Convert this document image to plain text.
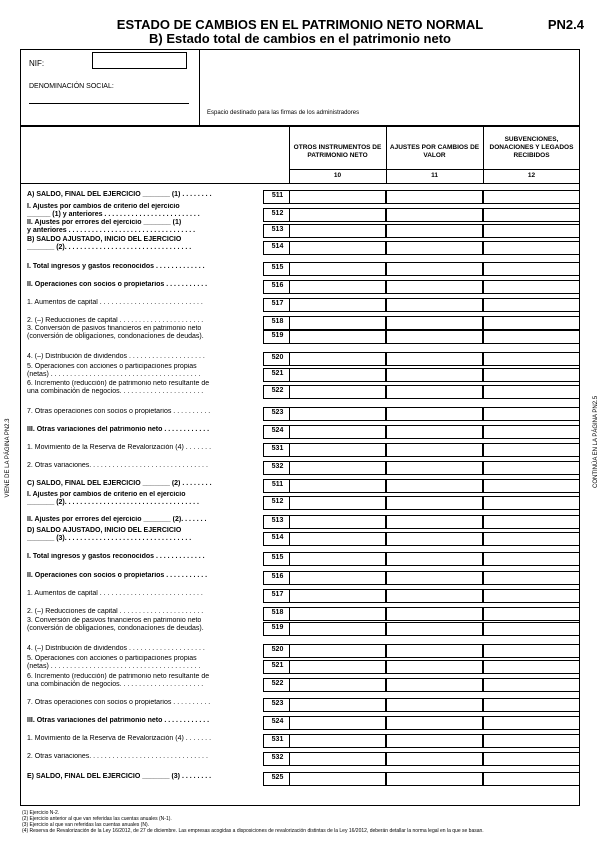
ESTADO DE CAMBIOS EN EL PATRIMONIO NETO NORMAL
B) Estado total de cambios en el patrimonio neto
PN2.4
VIENE DE LA PÁGINA PN2.3	CONTINÚA EN LA PÁGINA PN2.5
NIF:
DENOMINACIÓN SOCIAL:
Espacio destinado para las firmas de los administradores
OTROS INSTRUMENTOS DE PATRIMONIO NETO
10
AJUSTES POR CAMBIOS DE VALOR
11
SUBVENCIONES, DONACIONES Y LEGADOS RECIBIDOS
12
A) SALDO, FINAL DEL EJERCICIO _______ (1) . . . . . . . .	511
I. Ajustes por cambios de criterio del ejercicio
______ (1) y anteriores . . . . . . . . . . . . . . . . . . . . . . . . .	512
II. Ajustes por errores del ejercicio _______ (1)
y anteriores . . . . . . . . . . . . . . . . . . . . . . . . . . . . . . . . .	513
B) SALDO AJUSTADO, INICIO DEL EJERCICIO
_______ (2). . . . . . . . . . . . . . . . . . . . . . . . . . . . . . . . .	514
I. Total ingresos y gastos reconocidos . . . . . . . . . . . . .	515
II. Operaciones con socios o propietarios . . . . . . . . . . .	516
1. Aumentos de capital . . . . . . . . . . . . . . . . . . . . . . . . . . .	517
2. (–) Reducciones de capital . . . . . . . . . . . . . . . . . . . . . .	518
3. Conversión de pasivos financieros en patrimonio neto
(conversión de obligaciones, condonaciones de deudas).	519
4. (–) Distribución de dividendos . . . . . . . . . . . . . . . . . . . .	520
5. Operaciones con acciones o participaciones propias
(netas) . . . . . . . . . . . . . . . . . . . . . . . . . . . . . . . . . . . . . . .	521
6. Incremento (reducción) de patrimonio neto resultante de
una combinación de negocios. . . . . . . . . . . . . . . . . . . . . .	522
7. Otras operaciones con socios o propietarios . . . . . . . . . .	523
III. Otras variaciones del patrimonio neto . . . . . . . . . . . .	524
1. Movimiento de la Reserva de Revalorización (4) . . . . . . .	531
2. Otras variaciones. . . . . . . . . . . . . . . . . . . . . . . . . . . . . . .	532
C) SALDO, FINAL DEL EJERCICIO _______ (2) . . . . . . . .	511
I. Ajustes por cambios de criterio en el ejercicio
_______ (2). . . . . . . . . . . . . . . . . . . . . . . . . . . . . . . . . . .	512
II. Ajustes por errores del ejercicio _______ (2). . . . . . .	513
D) SALDO AJUSTADO, INICIO DEL EJERCICIO
_______ (3). . . . . . . . . . . . . . . . . . . . . . . . . . . . . . . . .	514
I. Total ingresos y gastos reconocidos . . . . . . . . . . . . .	515
II. Operaciones con socios o propietarios . . . . . . . . . . .	516
1. Aumentos de capital . . . . . . . . . . . . . . . . . . . . . . . . . . .	517
2. (–) Reducciones de capital . . . . . . . . . . . . . . . . . . . . . .	518
3. Conversión de pasivos financieros en patrimonio neto
(conversión de obligaciones, condonaciones de deudas).	519
4. (–) Distribución de dividendos . . . . . . . . . . . . . . . . . . . .	520
5. Operaciones con acciones o participaciones propias
(netas) . . . . . . . . . . . . . . . . . . . . . . . . . . . . . . . . . . . . . . .	521
6. Incremento (reducción) de patrimonio neto resultante de
una combinación de negocios. . . . . . . . . . . . . . . . . . . . . .	522
7. Otras operaciones con socios o propietarios . . . . . . . . . .	523
III. Otras variaciones del patrimonio neto . . . . . . . . . . . .	524
1. Movimiento de la Reserva de Revalorización (4) . . . . . . .	531
2. Otras variaciones. . . . . . . . . . . . . . . . . . . . . . . . . . . . . . .	532
E) SALDO, FINAL DEL EJERCICIO _______ (3) . . . . . . . .	525
(1) Ejercicio N-2.
(2) Ejercicio anterior al que van referidas las cuentas anuales (N-1).
(3) Ejercicio al que van referidas las cuentas anuales (N).
(4) Reserva de Revalorización de la Ley 16/2012, de 27 de diciembre. Las empresas acogidas a disposiciones de revalorización distintas de la Ley 16/2012, deberán detallar la norma legal en la que se basan.
